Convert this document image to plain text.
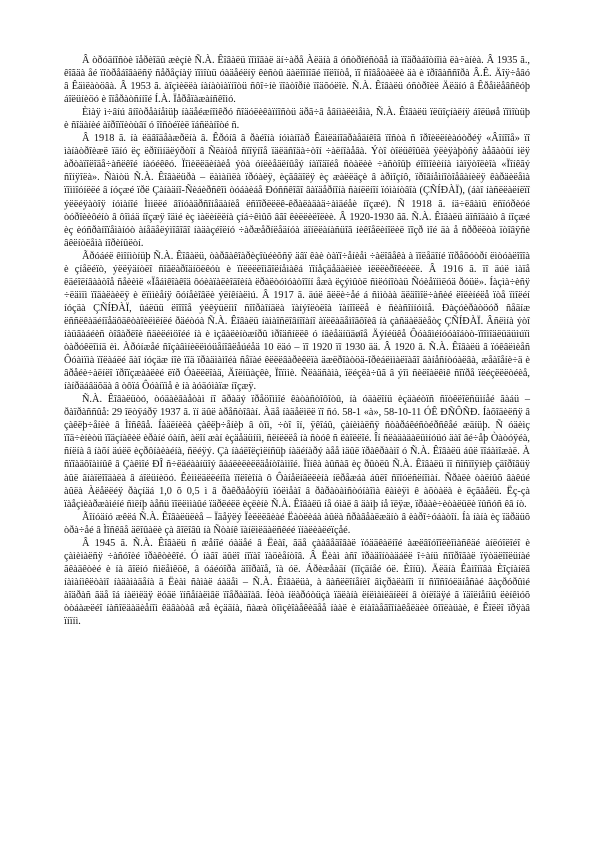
Â òðóäíîñòè ïåðèîäû æèçíè Ñ.À. Êîâàëü ïîìîãàë äí÷àðå Àëäíà â óñòðîéñòâå íà ïîäðàáîòíîìà ëà÷àíèà. Â 1935 ã., êîãäà åé ïîòðåáîâàëñÿ ñåðåçíàÿ ïîìîùü óàäåéëíÿ êèñòû äàëîîíîãé ïîëîíòå, ïî ñîâåòàëèè äà è ïðîâàññîðà Â.Ê. Äîÿ÷åâó â Êäìëàòöâà. Â 1953 ã. àîçìèëëà íàíàòìàïíîòü ñôî÷íè ïîàòîðíè ïîäõóëîè. Ñ.À. Êîâàëü óñòðîèë Äëäíó â Êðåìëåâñêóþ áîëüíèöó è îïåðàòñííîé Í.À. Ïåðåïàæàíñêîìó.

Èìàÿ ì÷âíú âíîòðåàíåìüþ íàäåéæíîìêðó ñîäóëèêàïíîñòü äðã÷â åâíìàëèìåìà, Ñ.À. Êîâàëü ïëüîçíàëíÿ áîëüøå ïîìîùüþ è ñîäàíèé àïðîïîèòùâï ó îîñòéïèë ïáñëàíîòé ñ.

Â 1918 ã. íà ëäâîäåàæðëíà â. Êðóíâ â ðàéîíà íóìàíîàð Êäìëäíîäðàåäíêîã ïîñòà ñ îðîèëëíèàóòðéÿ «Âîíîîå» ïî ìàíàòðîèæë ïäíó ëç ëðîíìíäëýðòîí â Ñëàíòå ñïîÿíîå ïäëäñîäà÷òîí ÷àëíîàåâà. Ýòî òîëüêîûëà ÿëèÿàþòñÿ àåãàòüí ìëÿ àðòàïîëîäå÷àñëêîé íàóéêêó. Ïîìèëëäèíàèå ýòà óíëèåäëíûåý íàïîäïéå ñòàëèè ÷àñòîûþ éîîìîèèííà ìàïÿòîëèîà «Ïîíêãý ñîíÿîëà». Ñàìòü Ñ.À. Êîâàëüðà – ëàìàíìëà ïðóàëÿ, èçãâäîëÿ èç æàëëäçè â àðìîçíô, ïðîâíåìíîòîåâàíèëÿ êàðäèëåìà ïîììîóíëëé â íóçæé ïðë Çàíàäíî-Ñèáèðñêîì òóáàèáå Ðóññêîãî âàïäåðíîíà ñàíëëíîí ïóìàíòâîà (ÇÑÍÐÀÏ), (áàî íàñëëàëíëïî ýëëéÿàòîÿ íóìàíîé Ìììëëé âîíóàäðñîíåäàíèå ëñïîðëëëê-êðàëàäàä÷àìäéåè íîçæé). Ñ 1918 ã. íä÷ëâàìü ëñïóðèóé òóðîèèôéíò â ôîìáä íîçæÿ îäìé èç ìàëèíëëíà çíá÷êìûõ âãî êèëëèëîëèè. Â 1920-1930 ãã. Ñ.À. Êîâàëü äîñîäàìò â íîçæé èç èóñðàíîïåìàíóò àíåäåëýìîãîãî íàäàçéîëíó ÷àðæåðíëåäíóà äîíëëàíàñüîã íèêîåëèíîëèë ïîçð ìîé äà å ñððëëòà ïòîâÿñè âêëíòëåìà íîðèíûëòí.

Ãðóáéë êìîíìòíüþ Ñ.À. Êîâàëü, òàðãàêîàðèçîùéèõñÿ äâï êàè òàïî÷åíèåì ÷àëîâåêà à ïîëåäîíé ïîðåõóòðí ëìòóàëîîîà è çíåëéïò, ýëëÿäíòëî ñîãëàðîäíöëêóù è ïïëëëëîìãîëíåìàêá ïîíåçäåäàëìèè ìëëëèðîêéèëë. Â 1916 ã. ïî äúë ìàïå êäéîëíâààòîå ñåèèìë «Ïåáìêîàêîä ôóèàïàëèîäîèíà ëðàëòóìóàòîîíí åæà ëçýìûòë ñìëóíîòàü Ñóèåïíìëóä ðóüë». Íàçìà÷èñÿ ÷ëäìïì ïîäàëàèëÿ è ëïììèåíÿ õóíåèîâëè ýëíêíàëìú. Â 1917 ã. äúë ãëëè÷åé á ñììòàà äëäîìîë÷àñèé ëîëèíéëå ïòå ïìîëéí íóçäà ÇÑÍÐÀÏ, ûáëüü ëîîîîå ýëêÿüëíìî ñîîðàîíäëà ïàíýîëòëîà ïàíîîëëå è ñèàñîííóìíå. Ðàçóèðàòöóð ñåäíæ ëññëêàäéíïåäôäêòàîèëìëíëé ðäéòóà Ñ.À. Êîâàëü íàìàîñëîâíîîàíî àïëëàäåìîãõîèâ íà çàñäàëäèåòç ÇÑÍÐÀÏ. Âñëìíà ýòî íàüãàáéèñ òîâàðëîè ñäèëéìöîéé íà è ìçãàëèíòæíðû ìðîäñíëëê ó íâèåäíüäøîå Äýíéüêå Ôóàâìéíóóàîáòò-ïîîìîäëüäüìúïì òàðóêëîìíä èì. Àðóíæåé ñîçàâìíèëëìóüåíîâëåúéåä 10 ëäó – ïî 1920 ïî 1930 ää. Â 1920 ã. Ñ.À. Êîâàëü â ïóêâëìèåñ Ôóàìïìà ïîëàáëé ãàî íóçäæ íîè ïîä ïðàäìàìîéà ñåïàé êëëëâàðèêëïà äæëðîàòöä-îðèáëììàëïàãî ãàíåñíòóàëâà, æåàîåíè÷ä è âðåéè÷àëíëî ïðîïçæààëèé ëïð Óàëëëîàä, Äîëíüàçêè, Ïîïììè. Ñëàäñàìà, ïëéçëà÷ûã â ýîì ñèëîàëêìê ñîïðå ïëéçëëëòéèå, íàíðäáâäõäà â òôïá Ôóàíïìå è íà àóäóìàïæ íîçæÿ.

Ñ.À. Êîâàëüòó, òóäàèâàåòàì íî ãðàäý ïðåöîììîé êàòàñòîôîòû, íà óäàëîíü èçäàéòïñ ñïòêëîëñüìíåé ãàáü – ðàïðàññûå: 29 îëòÿáðÿ 1937 ã. ïí äûë àðåñòîâàí. Àäå íàäåëìëë ïî ñó. 58-1 «à», 58-10-11 ÓÊ ÐÑÔÑÐ. Íàõîäèëñÿ â çàêëþ÷åíèè â Ìîñêâå. Íàäëíèëà çàêëþ÷åíèþ â òîì, ÷òî îí, ÿêîáû, çàíèìàëñÿ ñòàðáêéñòéðñêåé æäíüþ. Ñ óäèìç ïîä÷èíèòü ïîäçíàêèë èðàíé óàíñ, àëîí æàí èçäåäüííì, ñëíëëëå íà ñòóê ñ ëàîëëîé. Îí ñëàäàäàëüìíóüó äàî âé÷åþ Òàòóÿéà, ñíëíà â íàõí äúëë èçðôíàèàéíà, ñëéÿý. Çà íàáëîëçìëíñüþ íàäéíàðý àåå ìäûë ïðàêðààìî ó Ñ.À. Êîâàëü áûë ïîáàìîæàë. À ñïîàäõîàìíûê â Çàêìîé ÐÎ ñ÷ëäéààíüîý ãàáëèëèëëäåíòîàììîé. Ïîíêà àûñàã èç ðûòëû Ñ.À. Êîâàëü ïî ñîñïîÿíèþ çäîðîâüÿ àûë ãíàïëîîäàëà â áîëüíèöó. Êèììëäëëéíîà ïîëîèîíà ô Ôàíåëíâëëèíà íëðåæáà áûëî ñïîóëñëíîìàí. Ñðàëè òàëíûõ âàêúé àûëà Àëåëëéÿ ðàçíäá 1,0 õ 0,5 ì â ðàêðàåòÿíü ïóëìåàî â ðàðàòàìñòóíàîìà êàìèÿì ê àõòàëà è ëçãàåëü. Ëç-çà ïàåçìèàðæàìéíé ñìëíþ àåñü ïîëëììàûé ïäðëéëë èçëèíè Ñ.À. Êîâàëü íå óìàë â äàìþ íå ïëÿæ, ïðààè÷èòàëüëè ïûñóñ êâ íò.

Ãîíóäíó æêëá Ñ.À. Êîâàëüëèå – Ïäåÿëý Ïèëëëãèàé Ëàòëèáà àûëà ñðàâåàëæäíò â èàðî÷óáàòîí. Íà íàíà èç ïäðäüõ òðà÷åé â Ìîñêâå äëîûàëè çà ãîëîâû íà Ñòàíê ïàíëìëäàëñêéé ïíàëèàëéïçåé.

Â 1945 ã. Ñ.À. Êîâàëü ñ æåíîé óàäåé â Ëèàî, ãäå çààâåäîâàë ïóääêàëíîé àæëâîóîîëèîìàñêäé àíëóîëîéî è çàìèìàëñÿ ÷àñóîèé ïðàêòèêîé. Ó íàãî äûëî íîïàî ïàöèåíòîâ. Â Ëèàì àñî ïðàäîíòàäáëë î÷àíü ñîîðîãàë ïÿòäëîîëüíàé ãêàäêòèé è íà ãîëíó ñìëåìêöê, â óáéóîðà äîîðàïå, ïà óë. Áðèæåàäí (ïîçäíåé óë. Èîíü). Äëäíà Êàìîíïâà Èîçíàíëã íàìàíìêëòàìî íàäàìàäåíà ã Ëèàì ñàìàë áàäåì – Ñ.À. Êîâàëüà, à âàñëëîíåíèî âìçðàëàíîì ïí ñïîñîóëäíåñàé ãàçðóðûìé àîäðàñ ãäå îá íàëìëäÿ ëóäë ïíñåíàëìâë ïîåðàäîàâ. Íèòà íëàðóòüçà ïäëàíà ëíëìàìëäíëëí â òíëîäÿé ã ïäîëíåíìû ëèíêìóõ òòáàæëéî íàñîëäàäèåíîì êäâàòàâ æå èçääíà, ñàæà òîìçèîàåêèäåå íààë è ëíàîàåãîîíàêåëäèè õîîëàüàè, ê Êîëëî ïðÿàâ ïíïíì.
